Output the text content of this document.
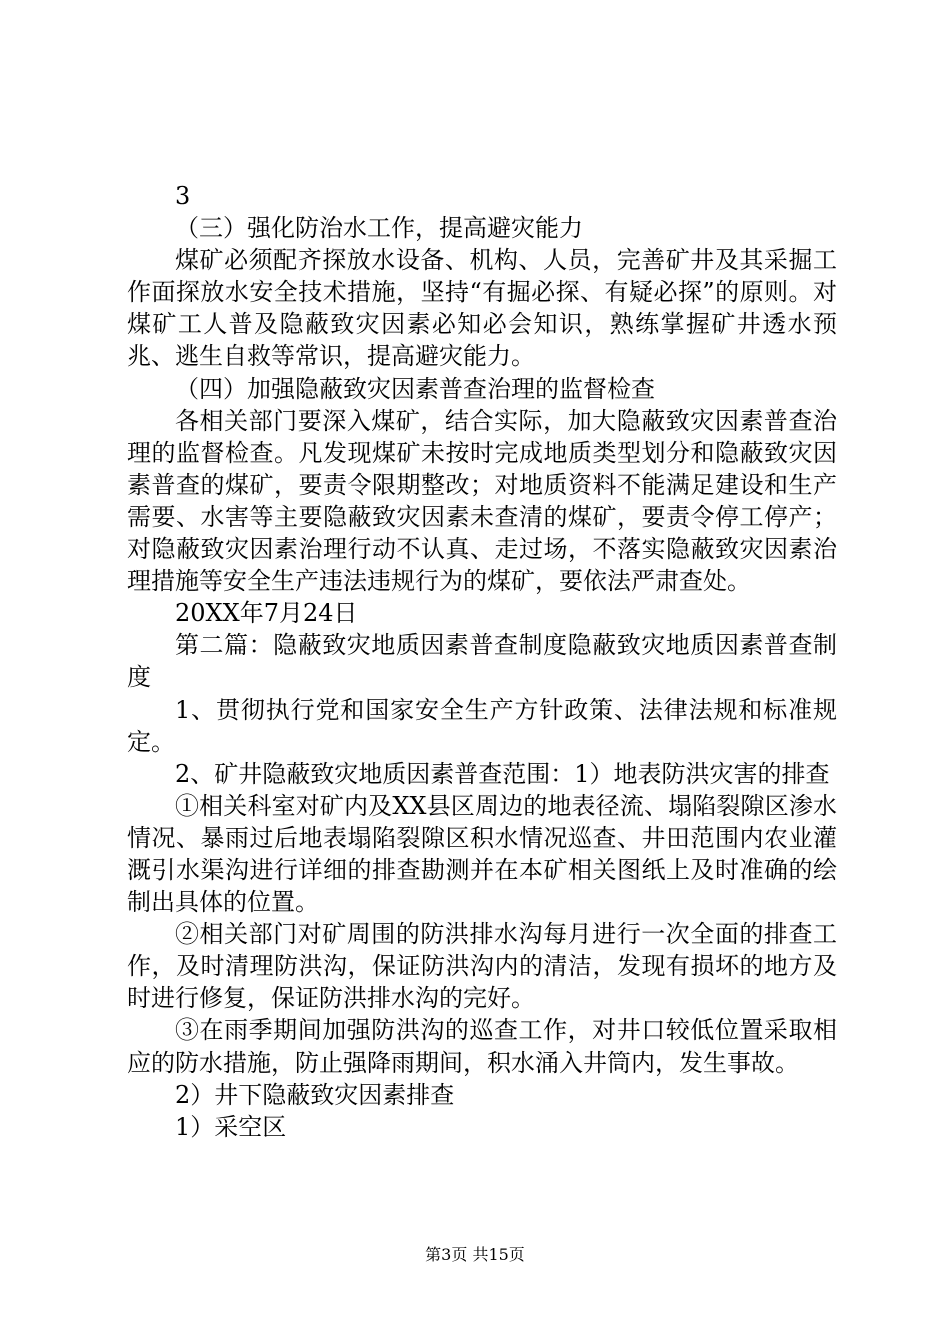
3

（三）强化防治水工作，提高避灾能力

煤矿必须配齐探放水设备、机构、人员，完善矿井及其采掘工作面探放水安全技术措施，坚持“有掘必探、有疑必探”的原则。对煤矿工人普及隐蔽致灾因素必知必会知识，熟练掌握矿井透水预兆、逃生自救等常识，提高避灾能力。

（四）加强隐蔽致灾因素普查治理的监督检查

各相关部门要深入煤矿，结合实际，加大隐蔽致灾因素普查治理的监督检查。凡发现煤矿未按时完成地质类型划分和隐蔽致灾因素普查的煤矿，要责令限期整改；对地质资料不能满足建设和生产需要、水害等主要隐蔽致灾因素未查清的煤矿，要责令停工停产；对隐蔽致灾因素治理行动不认真、走过场，不落实隐蔽致灾因素治理措施等安全生产违法违规行为的煤矿，要依法严肃查处。

20XX年7月24日

第二篇：隐蔽致灾地质因素普查制度隐蔽致灾地质因素普查制度

1、贯彻执行党和国家安全生产方针政策、法律法规和标准规定。

2、矿井隐蔽致灾地质因素普查范围：1）地表防洪灾害的排查

①相关科室对矿内及XX县区周边的地表径流、塌陷裂隙区渗水情况、暴雨过后地表塌陷裂隙区积水情况巡查、井田范围内农业灌溉引水渠沟进行详细的排查勘测并在本矿相关图纸上及时准确的绘制出具体的位置。

②相关部门对矿周围的防洪排水沟每月进行一次全面的排查工作，及时清理防洪沟，保证防洪沟内的清洁，发现有损坏的地方及时进行修复，保证防洪排水沟的完好。

③在雨季期间加强防洪沟的巡查工作，对井口较低位置采取相应的防水措施，防止强降雨期间，积水涌入井筒内，发生事故。

2）井下隐蔽致灾因素排查

1）采空区

第3页 共15页
